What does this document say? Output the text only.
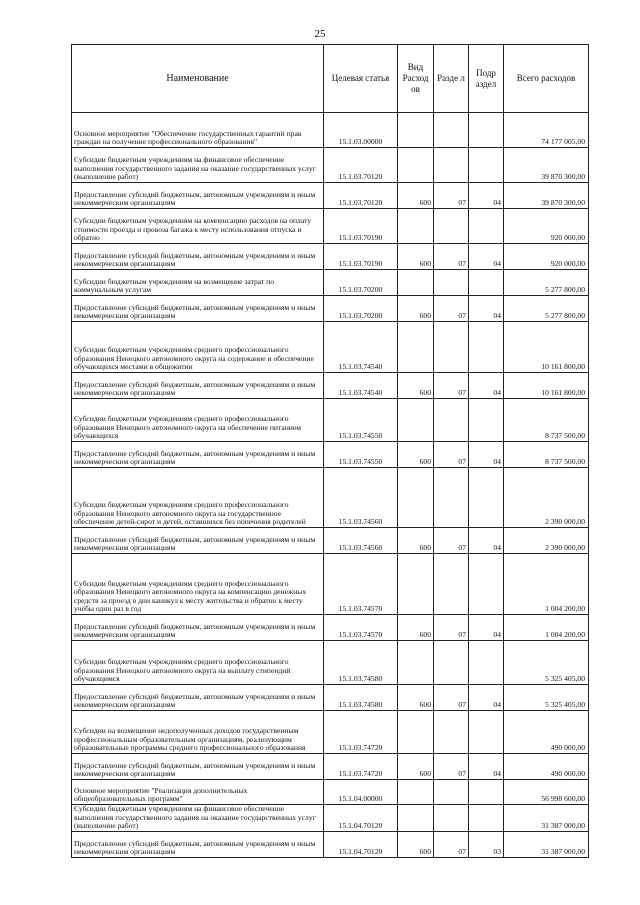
25
Наименование	Целевая статья	Вид Расход ов	Разде л	Подр аздел	Всего расходов
Основное мероприятие "Обеспечение государственных гарантий прав граждан на получение профессионального образования"	15.1.03.00000				74 177 005,00
Субсидии бюджетным учреждениям на финансовое обеспечение выполнения государственного задания на оказание государственных услуг (выполнение работ)	15.1.03.70120				39 870 300,00
Предоставление субсидий бюджетным, автономным учреждениям и иным некоммерческим организациям	15.1.03.70120	600	07	04	39 870 300,00
Субсидии бюджетным учреждениям на компенсацию расходов на оплату стоимости проезда и провоза багажа к месту использования отпуска и обратно	15.1.03.70190				920 000,00
Предоставление субсидий бюджетным, автономным учреждениям и иным некоммерческим организациям	15.1.03.70190	600	07	04	920 000,00
Субсидии бюджетным учреждениям на возмещение затрат по коммунальным услугам	15.1.03.70200				5 277 800,00
Предоставление субсидий бюджетным, автономным учреждениям и иным некоммерческим организациям	15.1.03.70200	600	07	04	5 277 800,00
Субсидии бюджетным учреждениям среднего профессионального образования Ненецкого автономного округа на содержание и обеспечение обучающихся местами в общежитии	15.1.03.74540				10 161 800,00
Предоставление субсидий бюджетным, автономным учреждениям и иным некоммерческим организациям	15.1.03.74540	600	07	04	10 161 800,00
Субсидии бюджетным учреждениям среднего профессионального образования Ненецкого автономного округа на обеспечение питанием обучающихся	15.1.03.74550				8 737 500,00
Предоставление субсидий бюджетным, автономным учреждениям и иным некоммерческим организациям	15.1.03.74550	600	07	04	8 737 500,00
Субсидии бюджетным учреждениям среднего профессионального образования Ненецкого автономного округа на государственное обеспечение детей-сирот и детей, оставшихся без попечения родителей	15.1.03.74560				2 390 000,00
Предоставление субсидий бюджетным, автономным учреждениям и иным некоммерческим организациям	15.1.03.74560	600	07	04	2 390 000,00
Субсидии бюджетным учреждениям среднего профессионального образования Ненецкого автономного округа на компенсацию денежных средств за проезд в дни каникул к месту жительства и обратно к месту учёбы один раз в год	15.1.03.74570				1 004 200,00
Предоставление субсидий бюджетным, автономным учреждениям и иным некоммерческим организациям	15.1.03.74570	600	07	04	1 004 200,00
Субсидии бюджетным учреждениям среднего профессионального образования Ненецкого автономного округа на выплату стипендий обучающимся	15.1.03.74580				5 325 405,00
Предоставление субсидий бюджетным, автономным учреждениям и иным некоммерческим организациям	15.1.03.74580	600	07	04	5 325 405,00
Субсидии на возмещение недополученных доходов государственным профессиональным образовательным организациям, реализующим образовательные программы среднего профессионального образования	15.1.03.74720				490 000,00
Предоставление субсидий бюджетным, автономным учреждениям и иным некоммерческим организациям	15.1.03.74720	600	07	04	490 000,00
Основное мероприятие "Реализация дополнительных общеобразовательных программ"	15.1.04.00000				56 998 600,00
Субсидии бюджетным учреждениям на финансовое обеспечение выполнения государственного задания на оказание государственных услуг (выполнение работ)	15.1.04.70120				31 387 000,00
Предоставление субсидий бюджетным, автономным учреждениям и иным некоммерческим организациям	15.1.04.70120	600	07	03	31 387 000,00
